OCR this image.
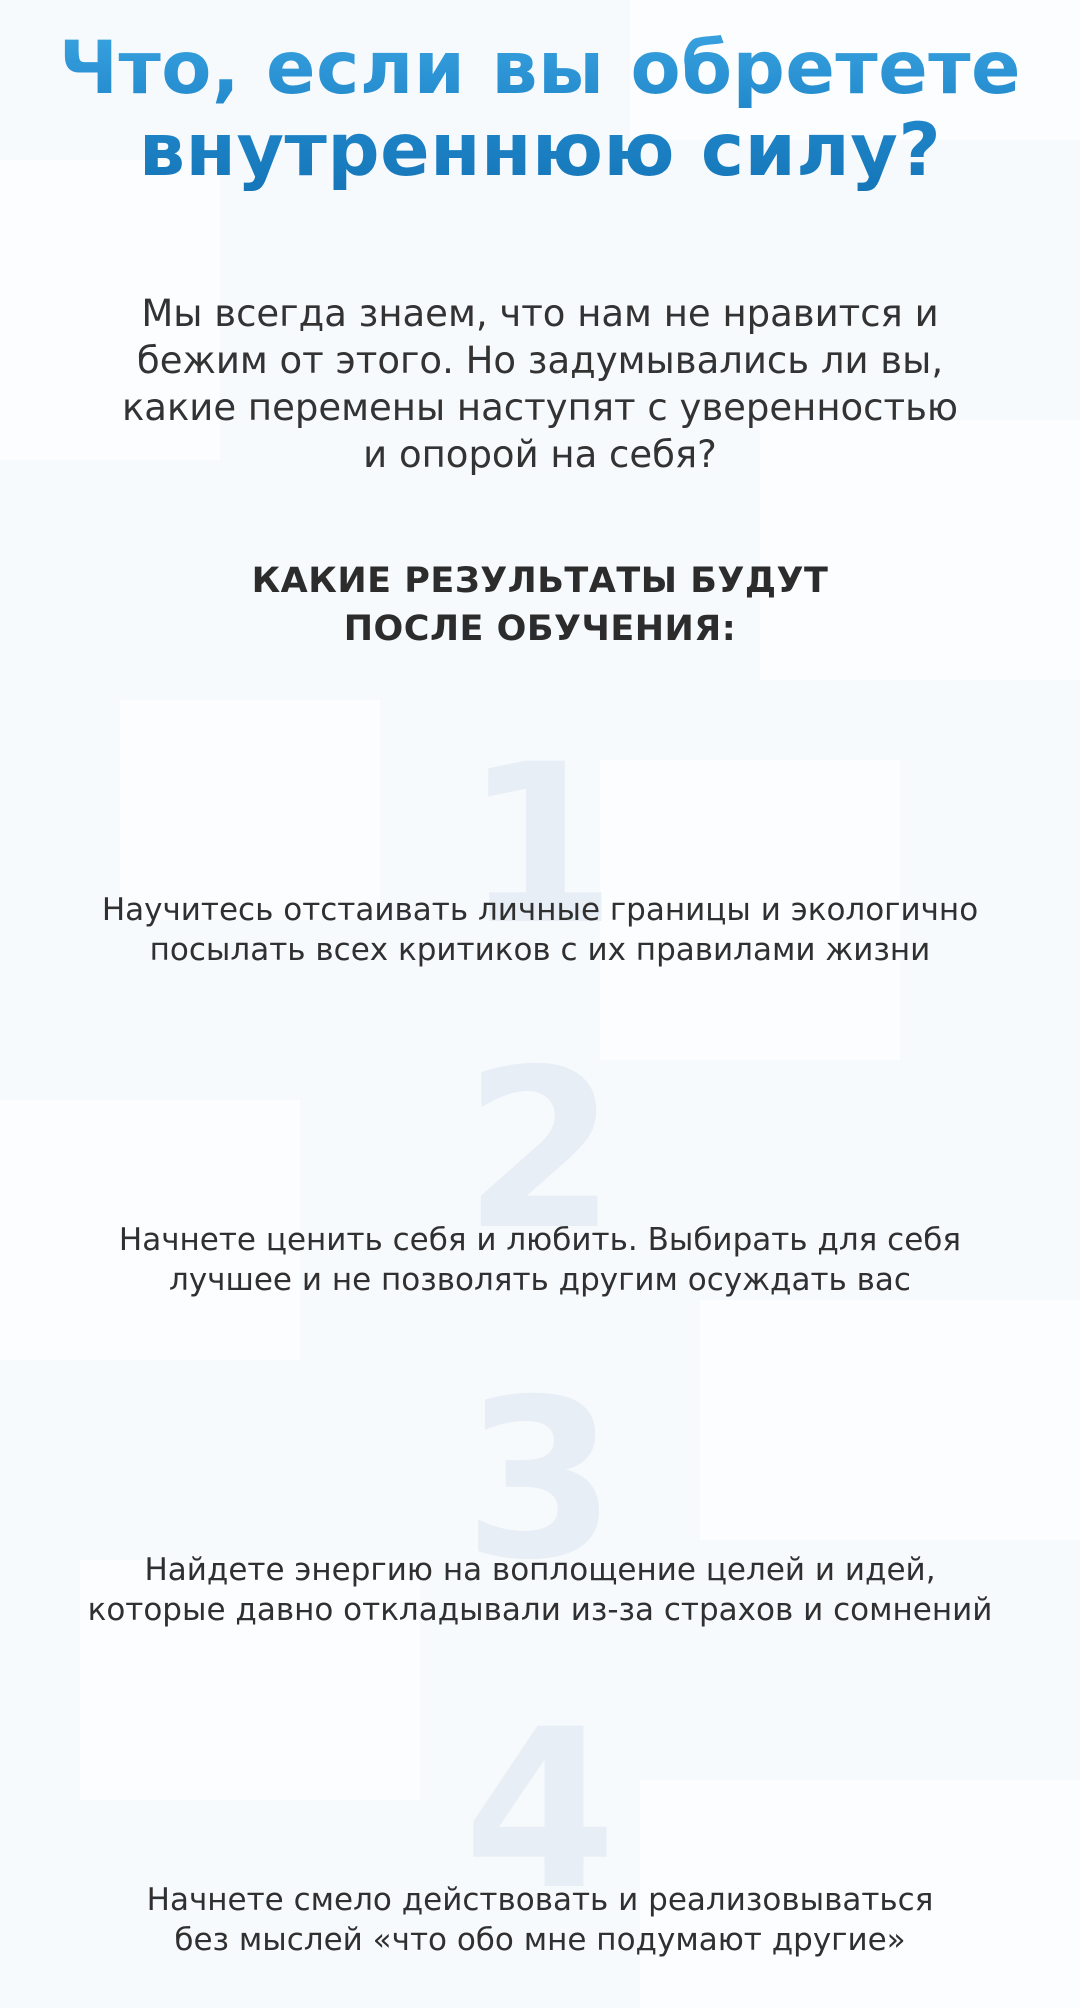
Что, если вы обретете
внутреннюю силу?

Мы всегда знаем, что нам не нравится и
бежим от этого. Но задумывались ли вы,
какие перемены наступят с уверенностью
и опорой на себя?

КАКИЕ РЕЗУЛЬТАТЫ БУДУТ
ПОСЛЕ ОБУЧЕНИЯ:
1
Научитесь отстаивать личные границы и экологично
посылать всех критиков с их правилами жизни
2
Начнете ценить себя и любить. Выбирать для себя
лучшее и не позволять другим осуждать вас
3
Найдете энергию на воплощение целей и идей,
которые давно откладывали из-за страхов и сомнений
4
Начнете смело действовать и реализовываться
без мыслей «что обо мне подумают другие»
